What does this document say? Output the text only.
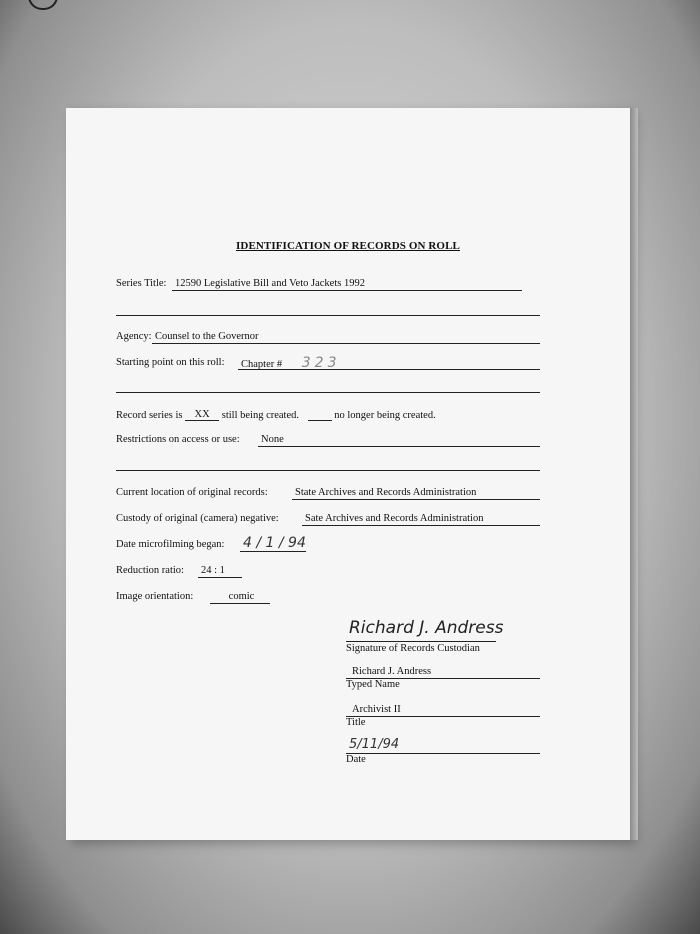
IDENTIFICATION OF RECORDS ON ROLL
Series Title: 12590 Legislative Bill and Veto Jackets 1992
Agency: Counsel to the Governor
Starting point on this roll: Chapter # 323
Record series is XX still being created.	no longer being created.
Restrictions on access or use: None
Current location of original records:	State Archives and Records Administration
Custody of original (camera) negative:	Sate Archives and Records Administration
Date microfilming began: 4 / 1 / 94
Reduction ratio: 24 : 1
Image orientation:	comic
Richard J. Andress
Signature of Records Custodian
Richard J. Andress
Typed Name
Archivist II
Title
5/11/94
Date
